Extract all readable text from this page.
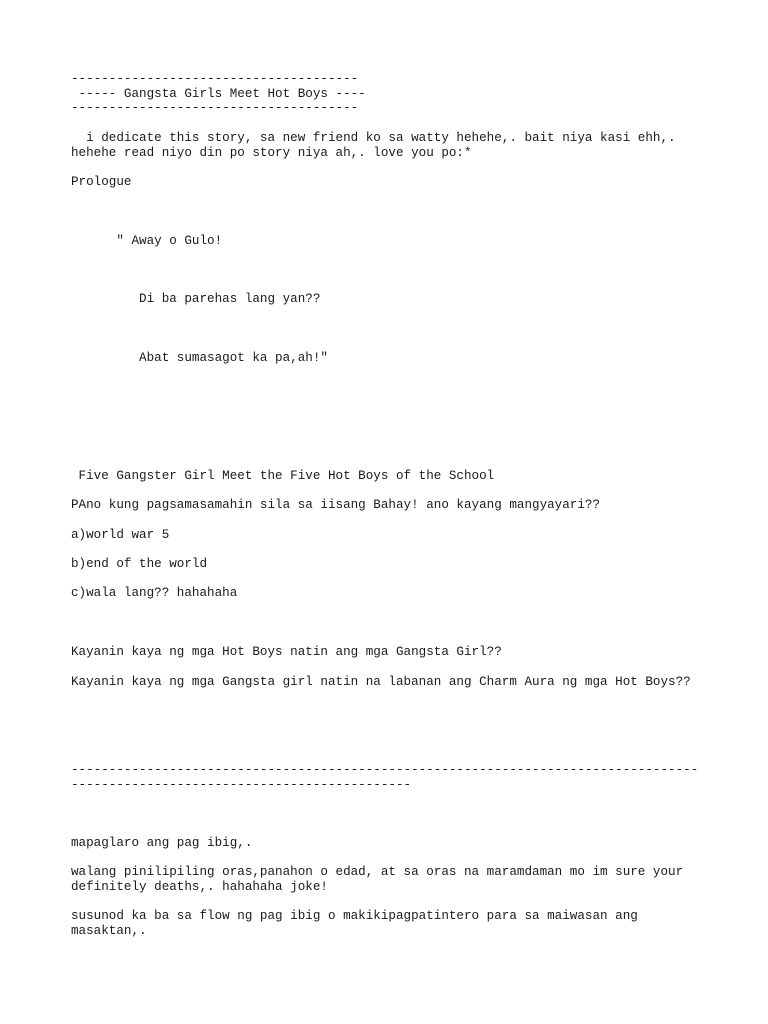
--------------------------------------

----- Gangsta Girls Meet Hot Boys ----

--------------------------------------

i dedicate this story, sa new friend ko sa watty hehehe,. bait niya kasi ehh,.

hehehe read niyo din po story niya ah,. love you po:*

Prologue

" Away o Gulo!

Di ba parehas lang yan??

Abat sumasagot ka pa,ah!"

Five Gangster Girl Meet the Five Hot Boys of the School

PAno kung pagsamasamahin sila sa iisang Bahay! ano kayang mangyayari??

a)world war 5

b)end of the world

c)wala lang?? hahahaha

Kayanin kaya ng mga Hot Boys natin ang mga Gangsta Girl??

Kayanin kaya ng mga Gangsta girl natin na labanan ang Charm Aura ng mga Hot Boys??

-----------------------------------------------------------------------------------

---------------------------------------------

mapaglaro ang pag ibig,.

walang pinilipiling oras,panahon o edad, at sa oras na maramdaman mo im sure your

definitely deaths,. hahahaha joke!

susunod ka ba sa flow ng pag ibig o makikipagpatintero para sa maiwasan ang

masaktan,.
